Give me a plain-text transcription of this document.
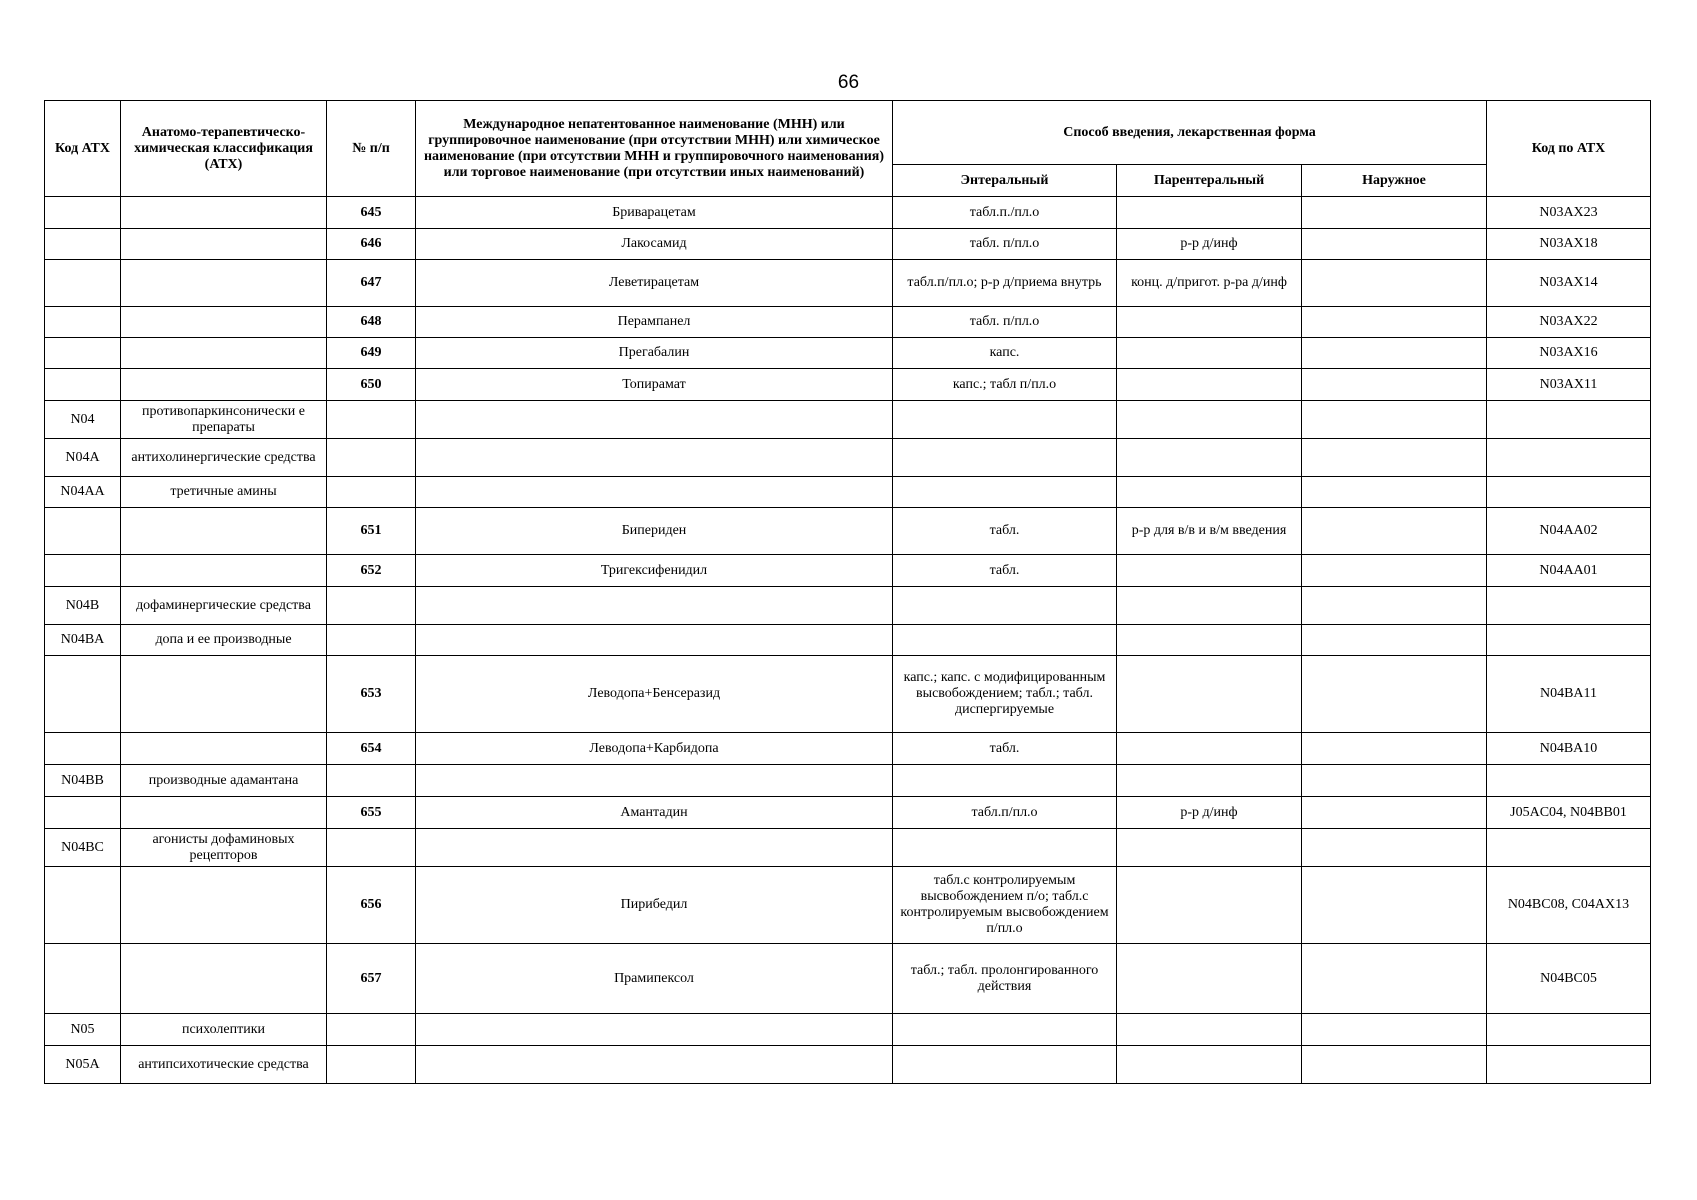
66
Код АТХ	Анатомо-терапевтическо-химическая классификация (АТХ)	№ п/п	Международное непатентованное наименование (МНН) или группировочное наименование (при отсутствии МНН) или химическое наименование (при отсутствии МНН и группировочного наименования) или торговое наименование (при отсутствии иных наименований)	Способ введения, лекарственная форма			Код по АТХ
				Энтеральный	Парентеральный	Наружное	
		645	Бриварацетам	табл.п./пл.о			N03AX23
		646	Лакосамид	табл. п/пл.о	р-р д/инф		N03AX18
		647	Леветирацетам	табл.п/пл.о; р-р д/приема внутрь	конц. д/пригот. р-ра д/инф		N03AX14
		648	Перампанел	табл. п/пл.о			N03AX22
		649	Прегабалин	капс.			N03AX16
		650	Топирамат	капс.; табл п/пл.о			N03AX11
N04	противопаркинсонически е препараты						
N04A	антихолинергические средства						
N04AA	третичные амины						
		651	Бипериден	табл.	р-р для в/в и в/м введения		N04AA02
		652	Тригексифенидил	табл.			N04AA01
N04B	дофаминергические средства						
N04BA	допа и ее производные						
		653	Леводопа+Бенсеразид	капс.; капс. с модифицированным высвобождением; табл.; табл. диспергируемые			N04BA11
		654	Леводопа+Карбидопа	табл.			N04BA10
N04BB	производные адамантана						
		655	Амантадин	табл.п/пл.о	р-р д/инф		J05AC04, N04BB01
N04BC	агонисты дофаминовых рецепторов						
		656	Пирибедил	табл.с контролируемым высвобождением п/о; табл.с контролируемым высвобождением п/пл.о			N04BC08, C04AX13
		657	Прамипексол	табл.; табл. пролонгированного действия			N04BC05
N05	психолептики						
N05A	антипсихотические средства						
